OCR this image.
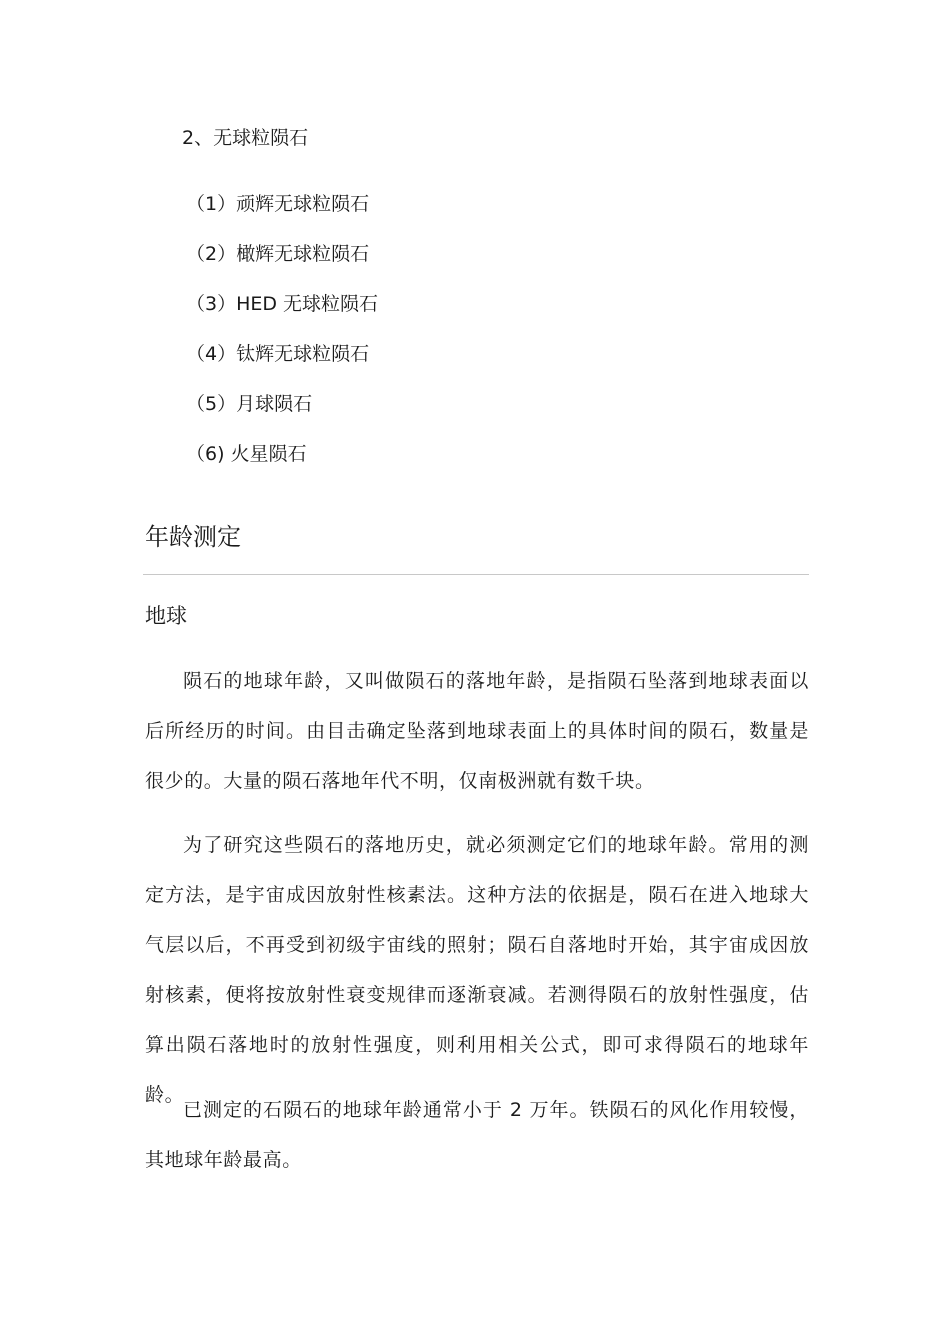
2、无球粒陨石
（1）顽辉无球粒陨石
（2）橄辉无球粒陨石
（3）HED 无球粒陨石
（4）钛辉无球粒陨石
（5）月球陨石
（6) 火星陨石
年龄测定
地球

陨石的地球年龄，又叫做陨石的落地年龄，是指陨石坠落到地球表面以后所经历的时间。由目击确定坠落到地球表面上的具体时间的陨石，数量是很少的。大量的陨石落地年代不明，仅南极洲就有数千块。

为了研究这些陨石的落地历史，就必须测定它们的地球年龄。常用的测定方法，是宇宙成因放射性核素法。这种方法的依据是，陨石在进入地球大气层以后，不再受到初级宇宙线的照射；陨石自落地时开始，其宇宙成因放射核素，便将按放射性衰变规律而逐渐衰减。若测得陨石的放射性强度，估算出陨石落地时的放射性强度，则利用相关公式，即可求得陨石的地球年龄。

已测定的石陨石的地球年龄通常小于 2 万年。铁陨石的风化作用较慢，其地球年龄最高。
